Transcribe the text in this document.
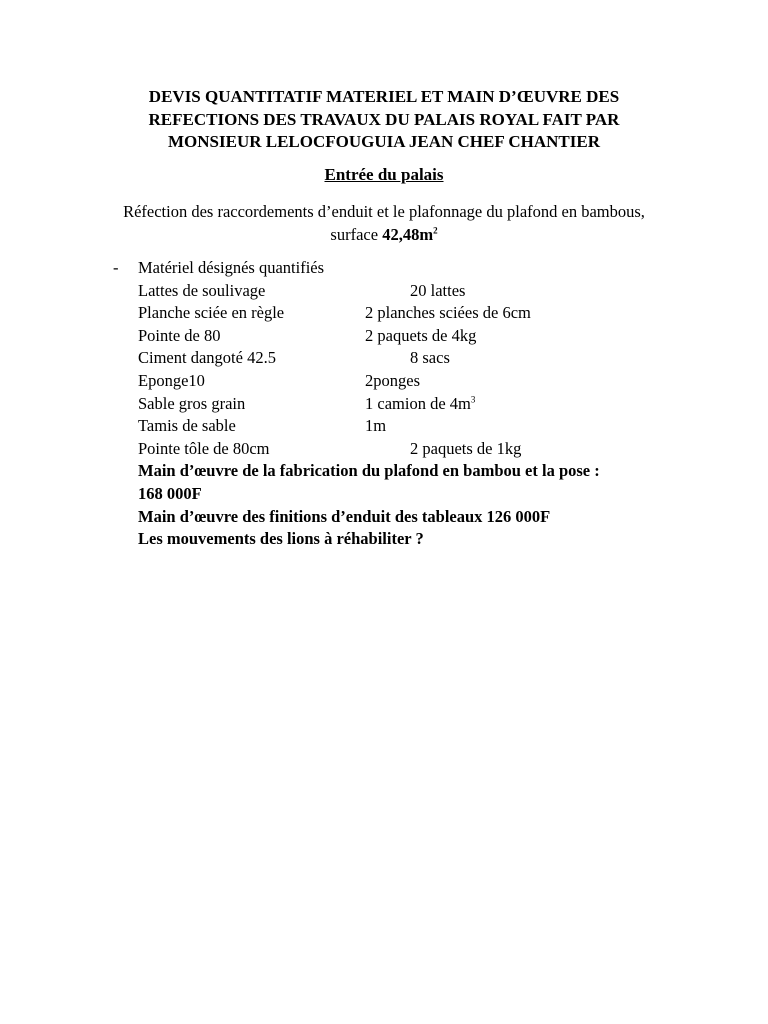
DEVIS QUANTITATIF MATERIEL ET MAIN D’ŒUVRE DES
REFECTIONS DES TRAVAUX DU PALAIS ROYAL FAIT PAR
MONSIEUR LELOCFOUGUIA JEAN CHEF CHANTIER
Entrée du palais
Réfection des raccordements d’enduit et le plafonnage du plafond en bambous,
surface $42,48m^2$
- Matériel désignés quantifiés
Lattes de soulivage	20 lattes
Planche sciée en règle	2 planches sciées de 6cm
Pointe de 80	2 paquets de 4kg
Ciment dangoté 42.5	8 sacs
Eponge10	2ponges
Sable gros grain	1 camion de $4m^3$
Tamis de sable	1m
Pointe tôle de 80cm	2 paquets de 1kg
Main d’œuvre de la fabrication du plafond en bambou et la pose :
168 000F
Main d’œuvre des finitions d’enduit des tableaux 126 000F
Les mouvements des lions à réhabiliter ?
